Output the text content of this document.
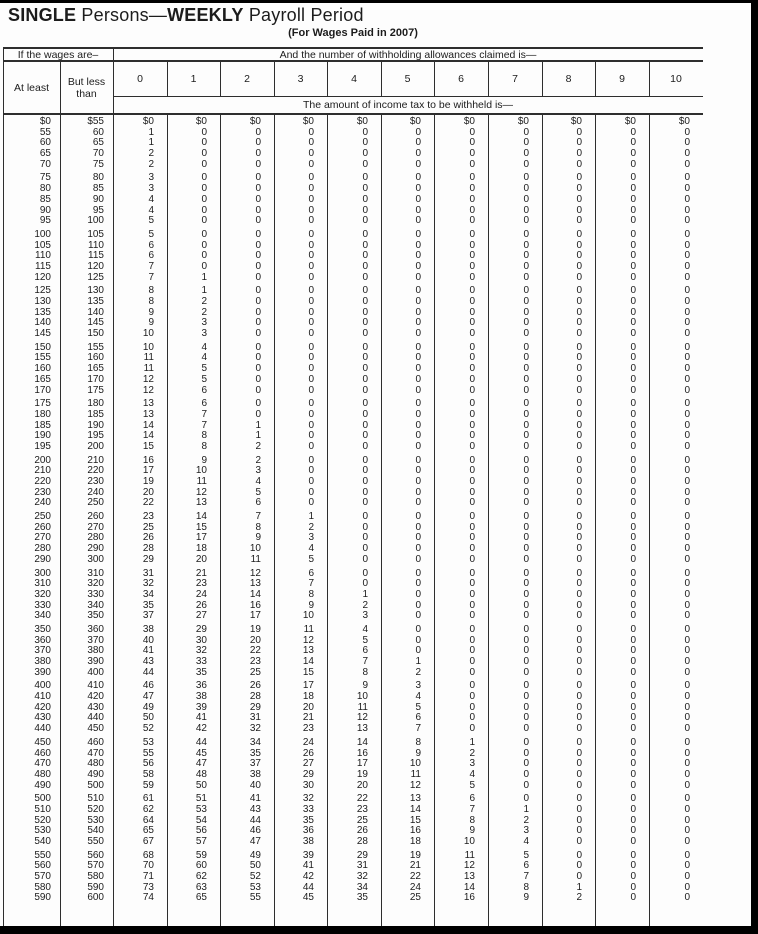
SINGLE Persons—WEEKLY Payroll Period
(For Wages Paid in 2007)
If the wages are–	And the number of withholding allowances claimed is—
At least	But less than
0	1	2	3	4	5	6	7	8	9	10
The amount of income tax to be withheld is—
$0	$55	$0	$0	$0	$0	$0	$0	$0	$0	$0	$0	$0
55	60	1	0	0	0	0	0	0	0	0	0	0
60	65	1	0	0	0	0	0	0	0	0	0	0
65	70	2	0	0	0	0	0	0	0	0	0	0
70	75	2	0	0	0	0	0	0	0	0	0	0
75	80	3	0	0	0	0	0	0	0	0	0	0
80	85	3	0	0	0	0	0	0	0	0	0	0
85	90	4	0	0	0	0	0	0	0	0	0	0
90	95	4	0	0	0	0	0	0	0	0	0	0
95	100	5	0	0	0	0	0	0	0	0	0	0
100	105	5	0	0	0	0	0	0	0	0	0	0
105	110	6	0	0	0	0	0	0	0	0	0	0
110	115	6	0	0	0	0	0	0	0	0	0	0
115	120	7	0	0	0	0	0	0	0	0	0	0
120	125	7	1	0	0	0	0	0	0	0	0	0
125	130	8	1	0	0	0	0	0	0	0	0	0
130	135	8	2	0	0	0	0	0	0	0	0	0
135	140	9	2	0	0	0	0	0	0	0	0	0
140	145	9	3	0	0	0	0	0	0	0	0	0
145	150	10	3	0	0	0	0	0	0	0	0	0
150	155	10	4	0	0	0	0	0	0	0	0	0
155	160	11	4	0	0	0	0	0	0	0	0	0
160	165	11	5	0	0	0	0	0	0	0	0	0
165	170	12	5	0	0	0	0	0	0	0	0	0
170	175	12	6	0	0	0	0	0	0	0	0	0
175	180	13	6	0	0	0	0	0	0	0	0	0
180	185	13	7	0	0	0	0	0	0	0	0	0
185	190	14	7	1	0	0	0	0	0	0	0	0
190	195	14	8	1	0	0	0	0	0	0	0	0
195	200	15	8	2	0	0	0	0	0	0	0	0
200	210	16	9	2	0	0	0	0	0	0	0	0
210	220	17	10	3	0	0	0	0	0	0	0	0
220	230	19	11	4	0	0	0	0	0	0	0	0
230	240	20	12	5	0	0	0	0	0	0	0	0
240	250	22	13	6	0	0	0	0	0	0	0	0
250	260	23	14	7	1	0	0	0	0	0	0	0
260	270	25	15	8	2	0	0	0	0	0	0	0
270	280	26	17	9	3	0	0	0	0	0	0	0
280	290	28	18	10	4	0	0	0	0	0	0	0
290	300	29	20	11	5	0	0	0	0	0	0	0
300	310	31	21	12	6	0	0	0	0	0	0	0
310	320	32	23	13	7	0	0	0	0	0	0	0
320	330	34	24	14	8	1	0	0	0	0	0	0
330	340	35	26	16	9	2	0	0	0	0	0	0
340	350	37	27	17	10	3	0	0	0	0	0	0
350	360	38	29	19	11	4	0	0	0	0	0	0
360	370	40	30	20	12	5	0	0	0	0	0	0
370	380	41	32	22	13	6	0	0	0	0	0	0
380	390	43	33	23	14	7	1	0	0	0	0	0
390	400	44	35	25	15	8	2	0	0	0	0	0
400	410	46	36	26	17	9	3	0	0	0	0	0
410	420	47	38	28	18	10	4	0	0	0	0	0
420	430	49	39	29	20	11	5	0	0	0	0	0
430	440	50	41	31	21	12	6	0	0	0	0	0
440	450	52	42	32	23	13	7	0	0	0	0	0
450	460	53	44	34	24	14	8	1	0	0	0	0
460	470	55	45	35	26	16	9	2	0	0	0	0
470	480	56	47	37	27	17	10	3	0	0	0	0
480	490	58	48	38	29	19	11	4	0	0	0	0
490	500	59	50	40	30	20	12	5	0	0	0	0
500	510	61	51	41	32	22	13	6	0	0	0	0
510	520	62	53	43	33	23	14	7	1	0	0	0
520	530	64	54	44	35	25	15	8	2	0	0	0
530	540	65	56	46	36	26	16	9	3	0	0	0
540	550	67	57	47	38	28	18	10	4	0	0	0
550	560	68	59	49	39	29	19	11	5	0	0	0
560	570	70	60	50	41	31	21	12	6	0	0	0
570	580	71	62	52	42	32	22	13	7	0	0	0
580	590	73	63	53	44	34	24	14	8	1	0	0
590	600	74	65	55	45	35	25	16	9	2	0	0
